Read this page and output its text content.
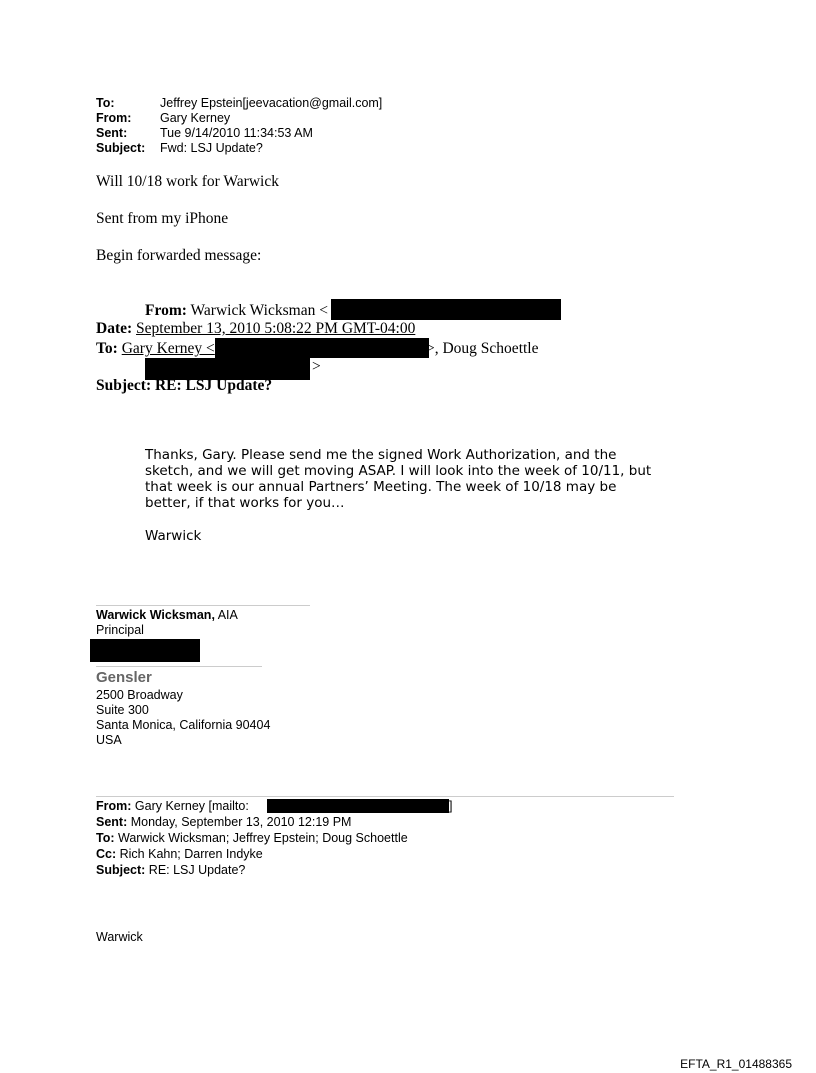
To:	Jeffrey Epstein[jeevacation@gmail.com]
From: Gary Kerney
Sent:	Tue 9/14/2010 11:34:53 AM
Subject: Fwd: LSJ Update?
Will 10/18 work for Warwick
Sent from my iPhone
Begin forwarded message:
From: Warwick Wicksman <
Date: September 13, 2010 5:08:22 PM GMT-04:00
To: Gary Kerney <	>, Doug Schoettle
>
Subject: RE: LSJ Update?
Thanks, Gary. Please send me the signed Work Authorization, and the
sketch, and we will get moving ASAP. I will look into the week of 10/11, but
that week is our annual Partners’ Meeting. The week of 10/18 may be
better, if that works for you…
Warwick
Warwick Wicksman, AIA
Principal
Gensler
2500 Broadway
Suite 300
Santa Monica, California 90404
USA
From: Gary Kerney [mailto:	]
Sent: Monday, September 13, 2010 12:19 PM
To: Warwick Wicksman; Jeffrey Epstein; Doug Schoettle
Cc: Rich Kahn; Darren Indyke
Subject: RE: LSJ Update?
Warwick
EFTA_R1_01488365
